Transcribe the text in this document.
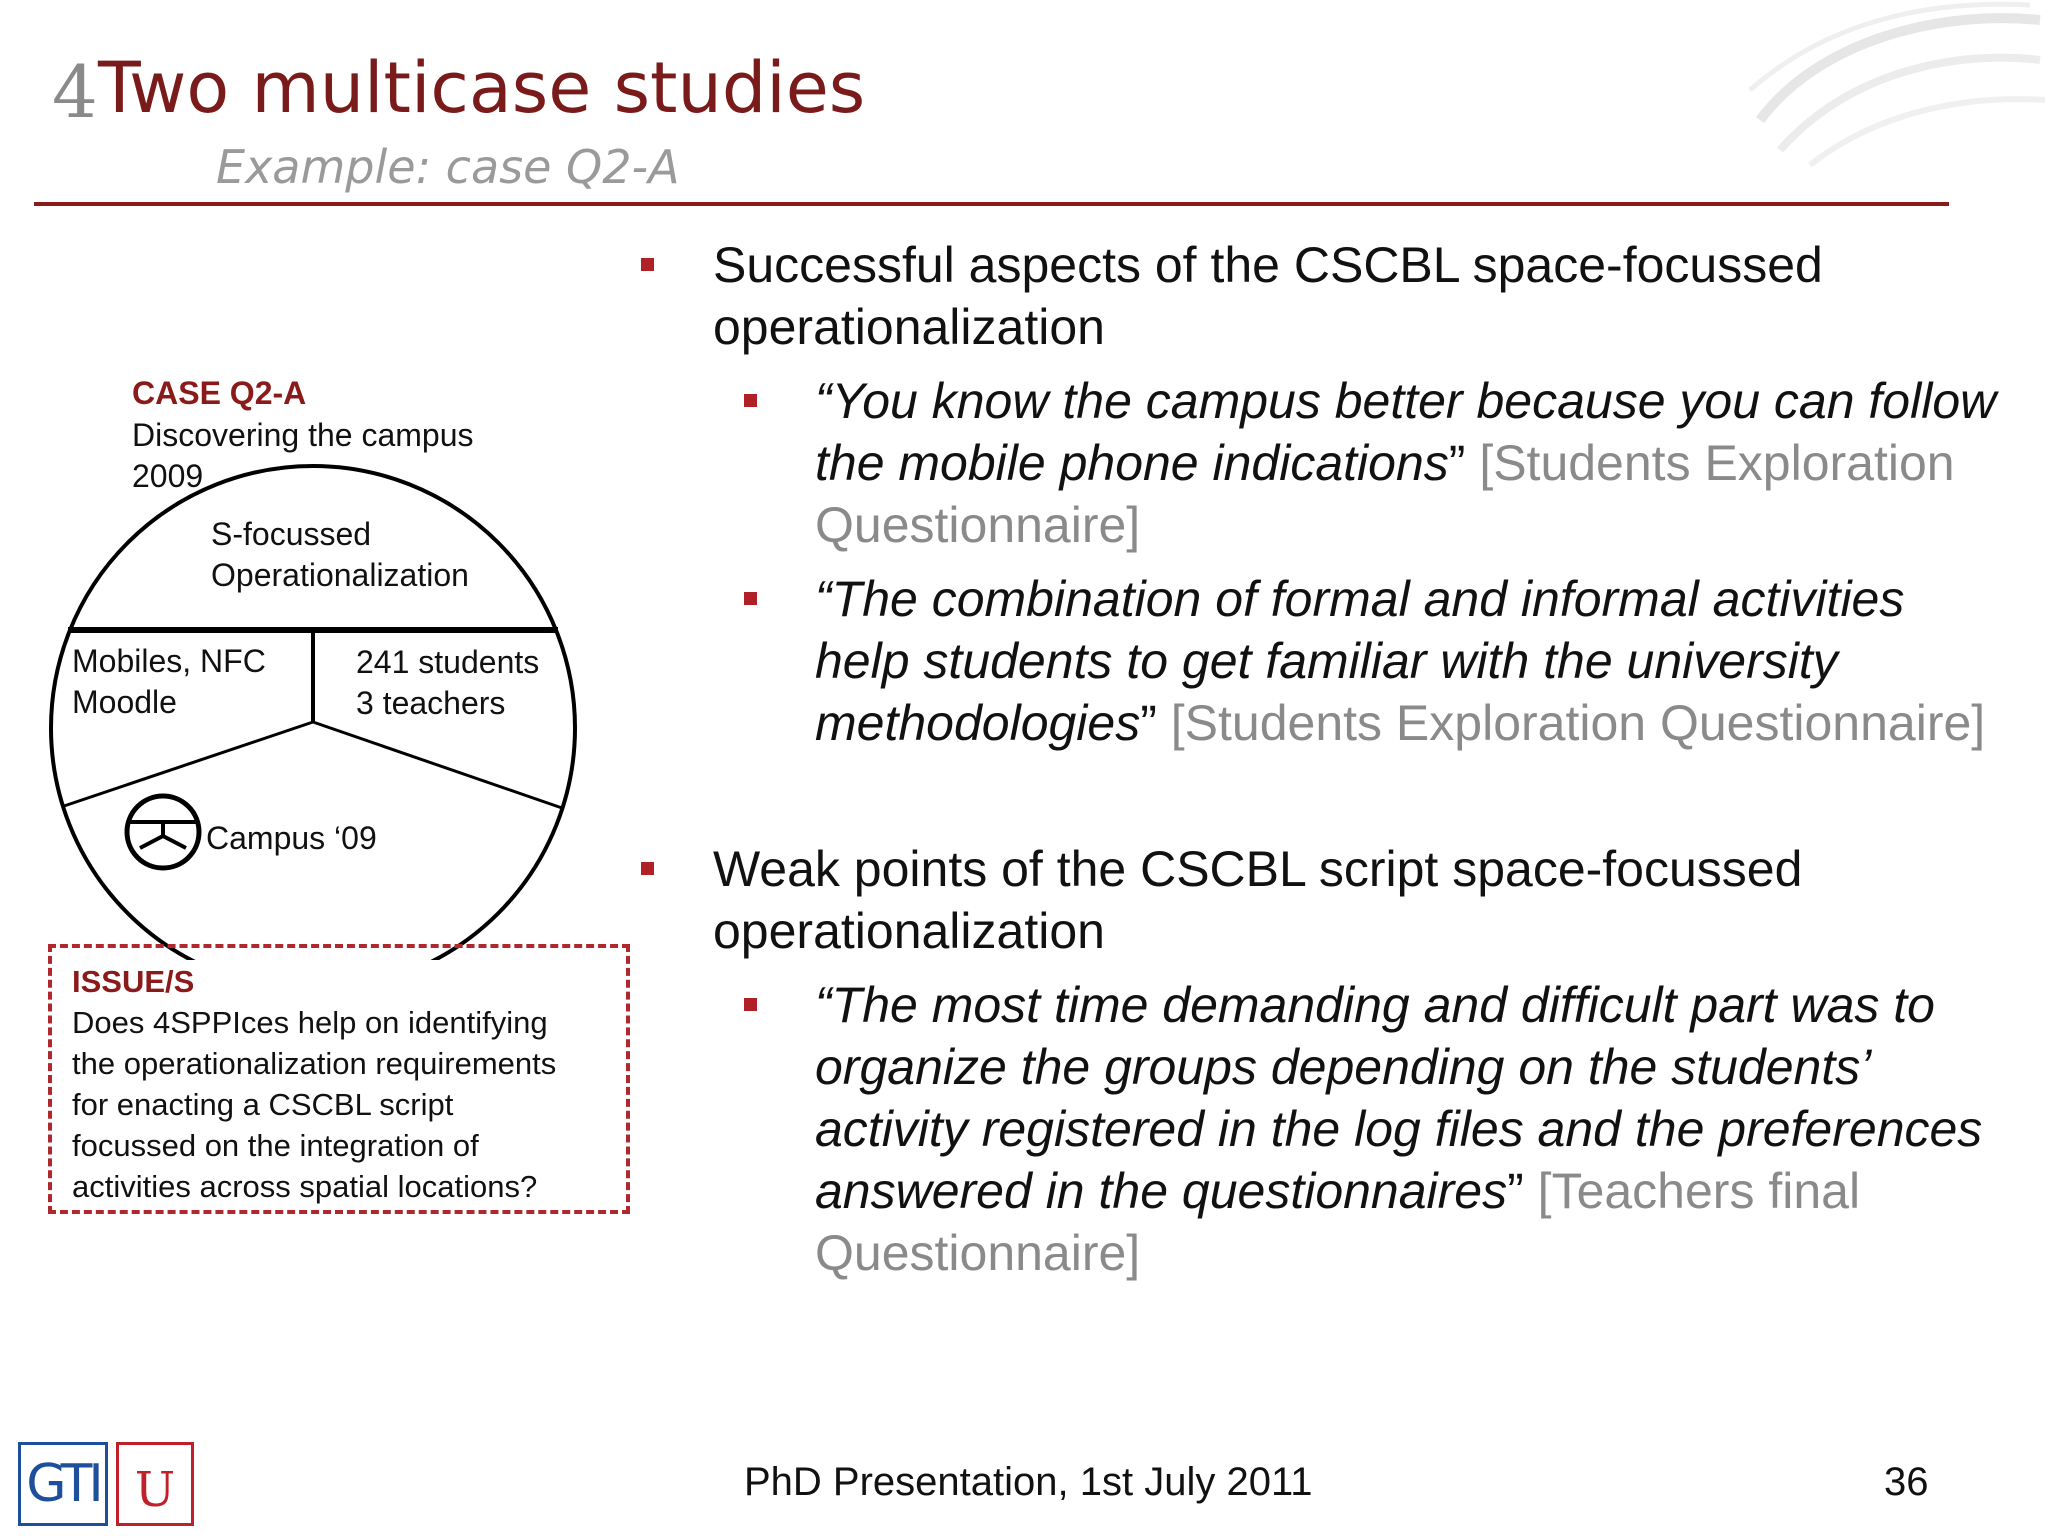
4 Two multicase studies
Example: case Q2-A
CASE Q2-A
Discovering the campus
2009
S-focussed
Operationalization
Mobiles, NFC
Moodle
241 students
3 teachers
Campus ‘09
ISSUE/S
Does 4SPPIces help on identifying
the operationalization requirements
for enacting a CSCBL script
focussed on the integration of
activities across spatial locations?
Successful aspects of the CSCBL space-focussed
operationalization
“You know the campus better because you can follow
the mobile phone indications” [Students Exploration
Questionnaire]
“The combination of formal and informal activities
help students to get familiar with the university
methodologies” [Students Exploration Questionnaire]
Weak points of the CSCBL script space-focussed
operationalization
“The most time demanding and difficult part was to
organize the groups depending on the students’
activity registered in the log files and the preferences
answered in the questionnaires” [Teachers final
Questionnaire]
GTI U	PhD Presentation, 1st July 2011	36
